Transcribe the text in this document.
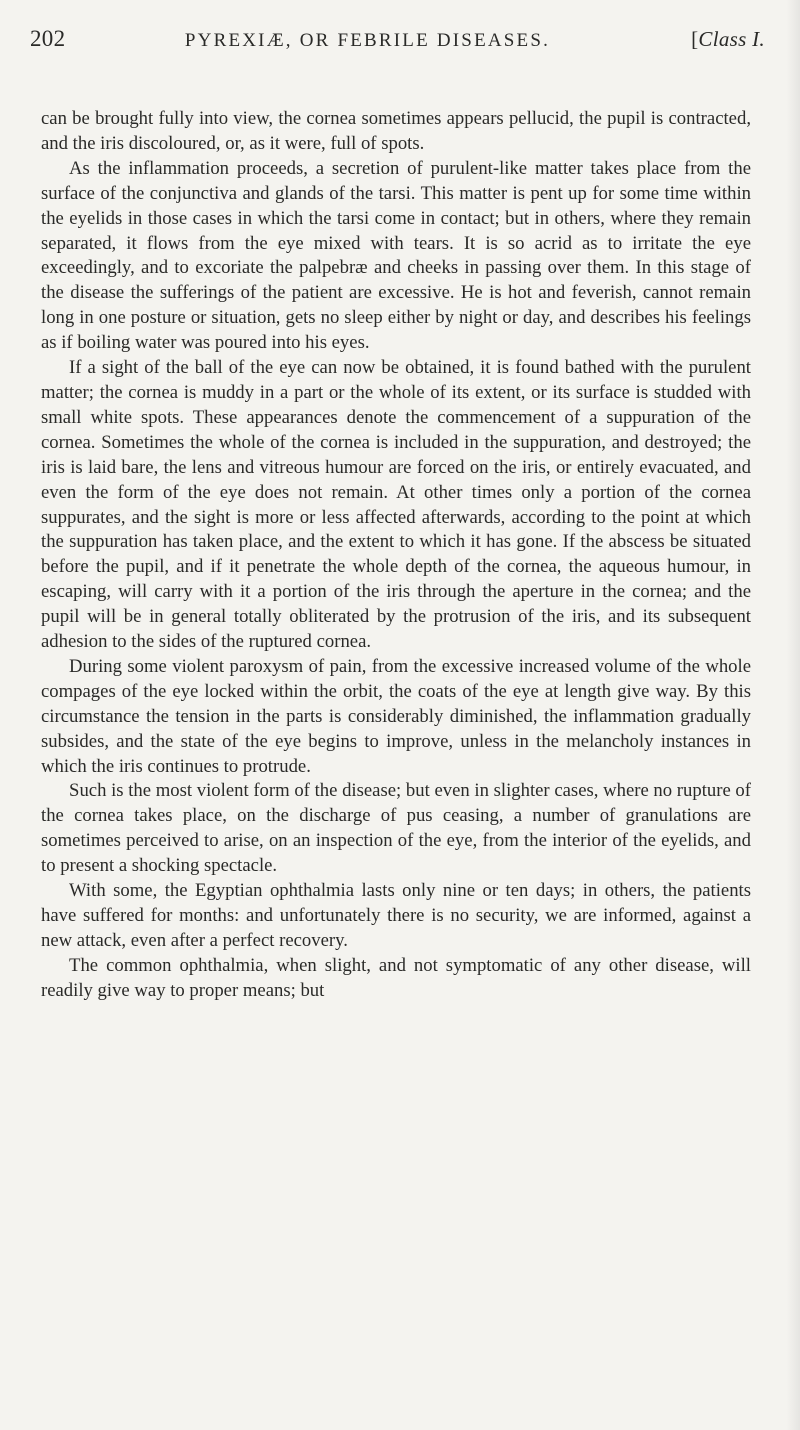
202	PYREXIÆ, OR FEBRILE DISEASES.	[Class I.

can be brought fully into view, the cornea sometimes appears pellucid, the pupil is contracted, and the iris discoloured, or, as it were, full of spots.

As the inflammation proceeds, a secretion of purulent-like matter takes place from the surface of the conjunctiva and glands of the tarsi. This matter is pent up for some time within the eyelids in those cases in which the tarsi come in contact; but in others, where they remain separated, it flows from the eye mixed with tears. It is so acrid as to irritate the eye exceedingly, and to excoriate the palpebræ and cheeks in passing over them. In this stage of the disease the sufferings of the patient are excessive. He is hot and feverish, cannot remain long in one posture or situation, gets no sleep either by night or day, and describes his feelings as if boiling water was poured into his eyes.

If a sight of the ball of the eye can now be obtained, it is found bathed with the purulent matter; the cornea is muddy in a part or the whole of its extent, or its surface is studded with small white spots. These appearances denote the commencement of a suppuration of the cornea. Sometimes the whole of the cornea is included in the suppuration, and destroyed; the iris is laid bare, the lens and vitreous humour are forced on the iris, or entirely evacuated, and even the form of the eye does not remain. At other times only a portion of the cornea suppurates, and the sight is more or less affected afterwards, according to the point at which the suppuration has taken place, and the extent to which it has gone. If the abscess be situated before the pupil, and if it penetrate the whole depth of the cornea, the aqueous humour, in escaping, will carry with it a portion of the iris through the aperture in the cornea; and the pupil will be in general totally obliterated by the protrusion of the iris, and its subsequent adhesion to the sides of the ruptured cornea.

During some violent paroxysm of pain, from the excessive increased volume of the whole compages of the eye locked within the orbit, the coats of the eye at length give way. By this circumstance the tension in the parts is considerably diminished, the inflammation gradually subsides, and the state of the eye begins to improve, unless in the melancholy instances in which the iris continues to protrude.

Such is the most violent form of the disease; but even in slighter cases, where no rupture of the cornea takes place, on the discharge of pus ceasing, a number of granulations are sometimes perceived to arise, on an inspection of the eye, from the interior of the eyelids, and to present a shocking spectacle.

With some, the Egyptian ophthalmia lasts only nine or ten days; in others, the patients have suffered for months: and unfortunately there is no security, we are informed, against a new attack, even after a perfect recovery.

The common ophthalmia, when slight, and not symptomatic of any other disease, will readily give way to proper means; but
